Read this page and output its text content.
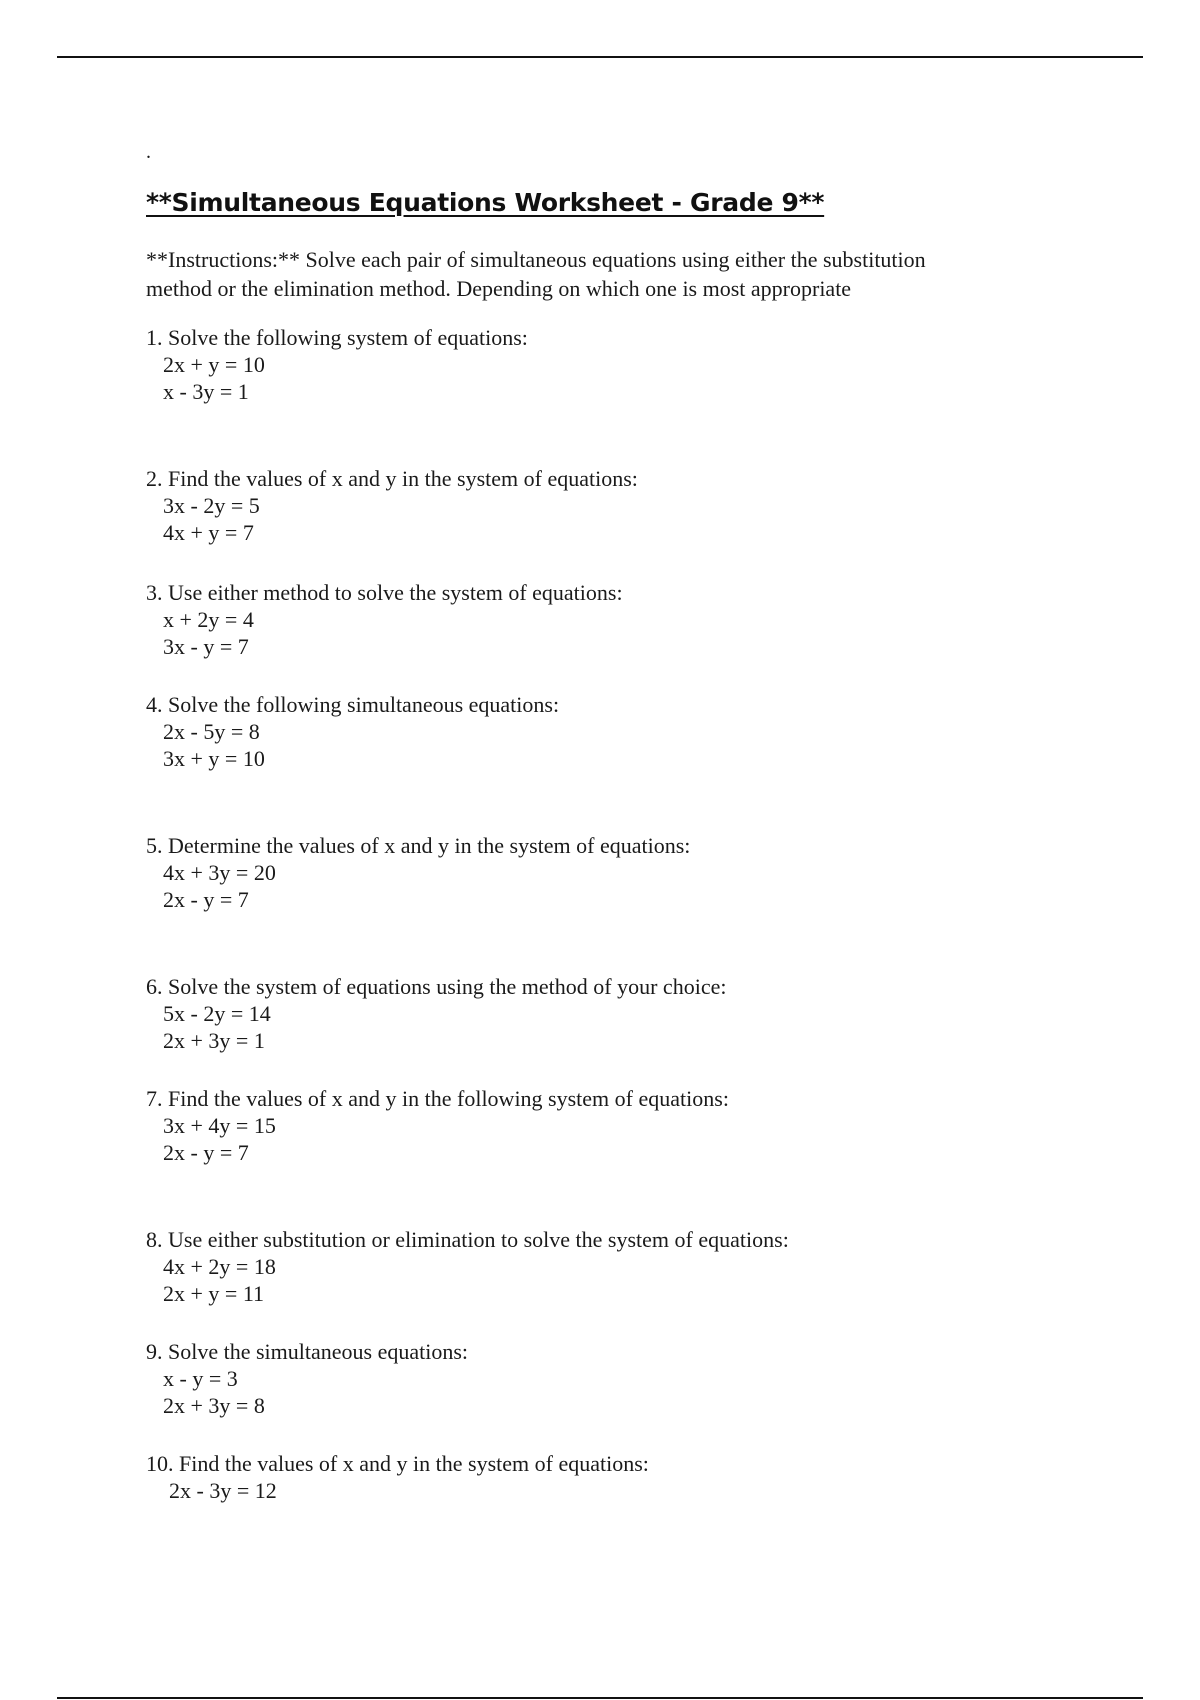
.
**Simultaneous Equations Worksheet - Grade 9**
**Instructions:** Solve each pair of simultaneous equations using either the substitution
method or the elimination method. Depending on which one is most appropriate
1. Solve the following system of equations:
2x + y = 10
x - 3y = 1
2. Find the values of x and y in the system of equations:
3x - 2y = 5
4x + y = 7
3. Use either method to solve the system of equations:
x + 2y = 4
3x - y = 7
4. Solve the following simultaneous equations:
2x - 5y = 8
3x + y = 10
5. Determine the values of x and y in the system of equations:
4x + 3y = 20
2x - y = 7
6. Solve the system of equations using the method of your choice:
5x - 2y = 14
2x + 3y = 1
7. Find the values of x and y in the following system of equations:
3x + 4y = 15
2x - y = 7
8. Use either substitution or elimination to solve the system of equations:
4x + 2y = 18
2x + y = 11
9. Solve the simultaneous equations:
x - y = 3
2x + 3y = 8
10. Find the values of x and y in the system of equations:
2x - 3y = 12
